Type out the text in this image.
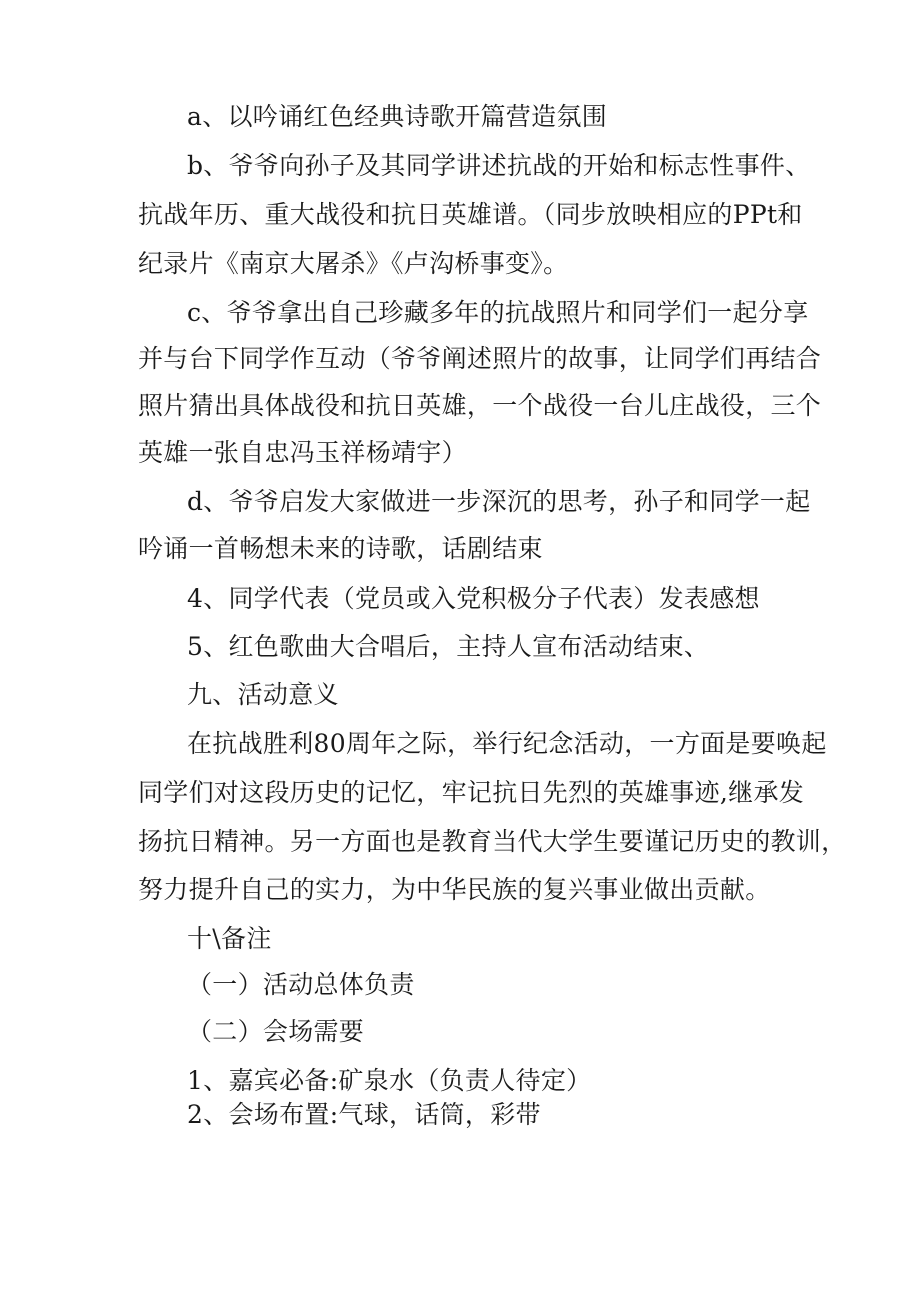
a、以吟诵红色经典诗歌开篇营造氛围
b、爷爷向孙子及其同学讲述抗战的开始和标志性事件、
抗战年历、重大战役和抗日英雄谱。（同步放映相应的PPt和
纪录片《南京大屠杀》《卢沟桥事变》。
c、爷爷拿出自己珍藏多年的抗战照片和同学们一起分享
并与台下同学作互动（爷爷阐述照片的故事，让同学们再结合
照片猜出具体战役和抗日英雄，一个战役一台儿庄战役，三个
英雄一张自忠冯玉祥杨靖宇）
d、爷爷启发大家做进一步深沉的思考，孙子和同学一起
吟诵一首畅想未来的诗歌，话剧结束
4、同学代表（党员或入党积极分子代表）发表感想
5、红色歌曲大合唱后，主持人宣布活动结束、
九、活动意义
在抗战胜利80周年之际，举行纪念活动，一方面是要唤起
同学们对这段历史的记忆，牢记抗日先烈的英雄事迹,继承发
扬抗日精神。另一方面也是教育当代大学生要谨记历史的教训，
努力提升自己的实力，为中华民族的复兴事业做出贡献。
十\备注
（一）活动总体负责
（二）会场需要
1、嘉宾必备:矿泉水（负责人待定）
2、会场布置:气球，话筒，彩带
